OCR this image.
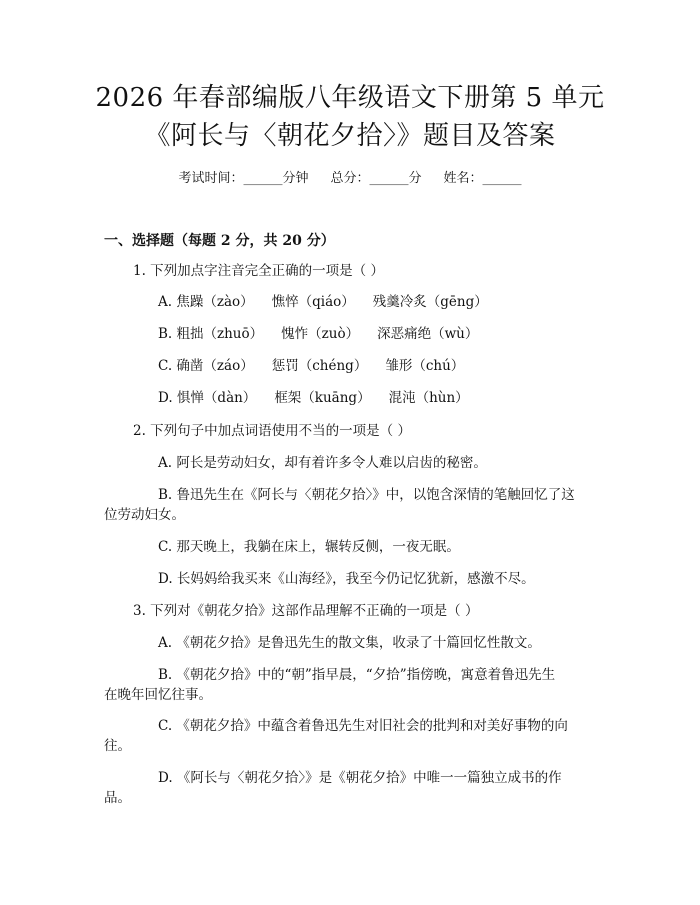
2026 年春部编版八年级语文下册第 5 单元
《阿长与〈朝花夕拾〉》题目及答案
考试时间：______分钟 总分：______分 姓名：______
一、选择题（每题 2 分，共 20 分）
1. 下列加点字注音完全正确的一项是（ ）
A. 焦躁（zào） 憔悴（qiáo） 残羹冷炙（gēng）
B. 粗拙（zhuō） 愧怍（zuò） 深恶痛绝（wù）
C. 确凿（záo） 惩罚（chéng） 雏形（chú）
D. 惧惮（dàn） 框架（kuāng） 混沌（hùn）
2. 下列句子中加点词语使用不当的一项是（ ）
A. 阿长是劳动妇女，却有着许多令人难以启齿的秘密。
B. 鲁迅先生在《阿长与〈朝花夕拾〉》中，以饱含深情的笔触回忆了这
位劳动妇女。
C. 那天晚上，我躺在床上，辗转反侧，一夜无眠。
D. 长妈妈给我买来《山海经》，我至今仍记忆犹新，感激不尽。
3. 下列对《朝花夕拾》这部作品理解不正确的一项是（ ）
A. 《朝花夕拾》是鲁迅先生的散文集，收录了十篇回忆性散文。
B. 《朝花夕拾》中的“朝”指早晨，“夕拾”指傍晚，寓意着鲁迅先生
在晚年回忆往事。
C. 《朝花夕拾》中蕴含着鲁迅先生对旧社会的批判和对美好事物的向
往。
D. 《阿长与〈朝花夕拾〉》是《朝花夕拾》中唯一一篇独立成书的作
品。
